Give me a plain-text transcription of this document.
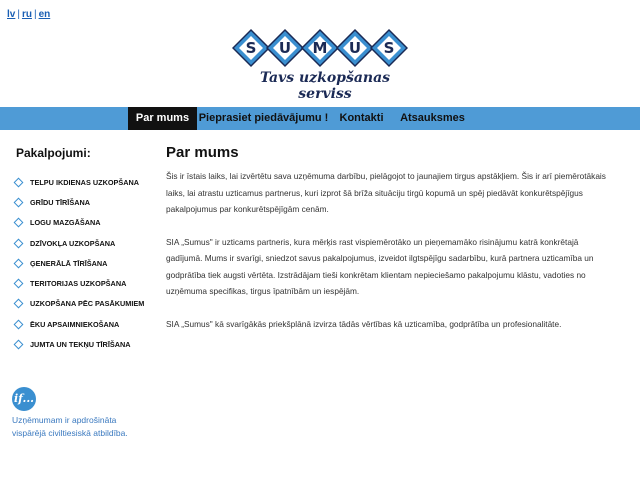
lv | ru | en
S U M U S
Tavs uzkopšanas serviss
Par mums Pieprasiet piedāvājumu !	Kontakti	Atsauksmes
Pakalpojumi:
TELPU IKDIENAS UZKOPŠANA
GRĪDU TĪRĪŠANA
LOGU MAZGĀŠANA
DZĪVOKĻA UZKOPŠANA
ĢENERĀLĀ TĪRĪŠANA
TERITORIJAS UZKOPŠANA
UZKOPŠANA PĒC PASĀKUMIEM
ĒKU APSAIMNIEKOŠANA
JUMTA UN TEKŅU TĪRĪŠANA
if...
Uzņēmumam ir apdrošināta
vispārējā civiltiesiskā atbildība.
Par mums

Šis ir īstais laiks, lai izvērtētu sava uzņēmuma darbību, pielāgojot to jaunajiem tirgus apstākļiem. Šis ir arī piemērotākais laiks, lai atrastu uzticamus partnerus, kuri izprot šā brīža situāciju tirgū kopumā un spēj piedāvāt konkurētspējīgus pakalpojumus par konkurētspējīgām cenām.

SIA „Sumus" ir uzticams partneris, kura mērķis rast vispiemērotāko un pieņemamāko risinājumu katrā konkrētajā gadījumā. Mums ir svarīgi, sniedzot savus pakalpojumus, izveidot ilgtspējīgu sadarbību, kurā partnera uzticamība un godprātība tiek augsti vērtēta. Izstrādājam tieši konkrētam klientam nepieciešamo pakalpojumu klāstu, vadoties no uzņēmuma specifikas, tirgus īpatnībām un iespējām.

SIA „Sumus" kā svarīgākās priekšplānā izvirza tādās vērtības kā uzticamība, godprātība un profesionalitāte.
